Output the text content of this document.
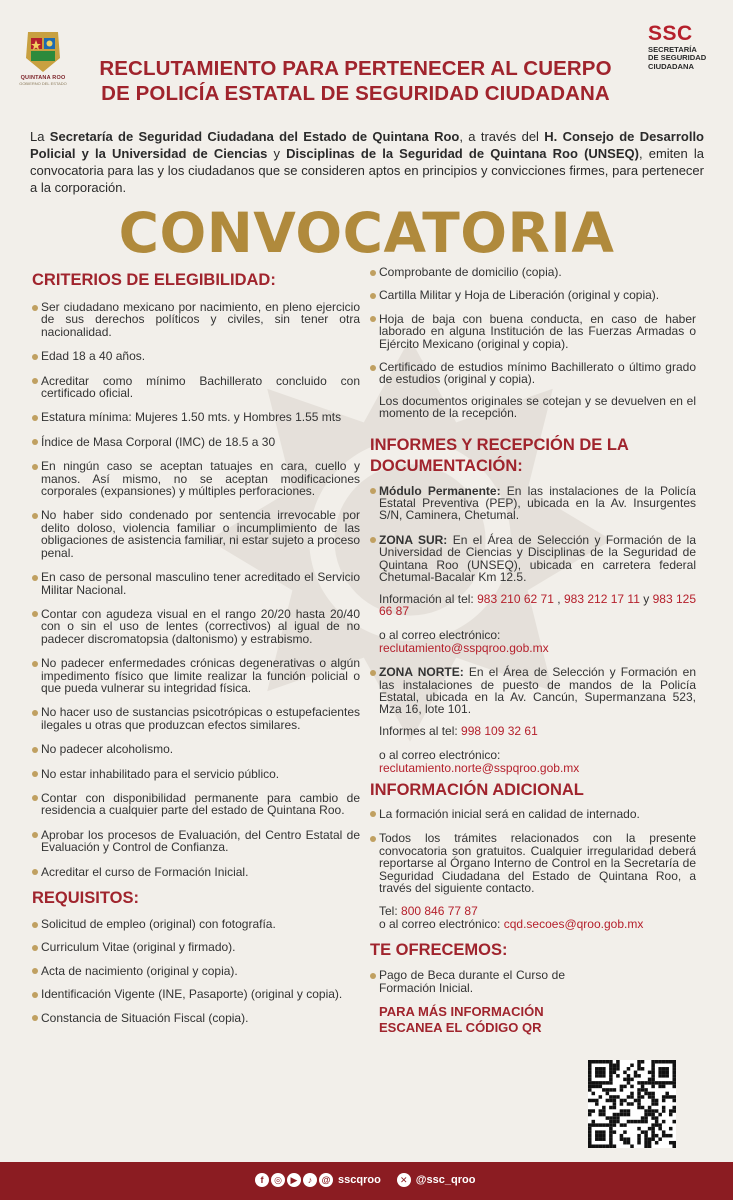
QUINTANA ROO
GOBIERNO DEL ESTADO
RECLUTAMIENTO PARA PERTENECER AL CUERPO
DE POLICÍA ESTATAL DE SEGURIDAD CIUDADANA
SSC
SECRETARÍA
DE SEGURIDAD
CIUDADANA

La Secretaría de Seguridad Ciudadana del Estado de Quintana Roo, a través del H. Consejo de Desarrollo Policial y la Universidad de Ciencias y Disciplinas de la Seguridad de Quintana Roo (UNSEQ), emiten la convocatoria para las y los ciudadanos que se consideren aptos en principios y convicciones firmes, para pertenecer a la corporación.

CONVOCATORIA
CRITERIOS DE ELEGIBILIDAD:
Ser ciudadano mexicano por nacimiento, en pleno ejercicio de sus derechos políticos y civiles, sin tener otra nacionalidad.
Edad 18 a 40 años.
Acreditar como mínimo Bachillerato concluido con certificado oficial.
Estatura mínima: Mujeres 1.50 mts. y Hombres 1.55 mts
Índice de Masa Corporal (IMC) de 18.5 a 30
En ningún caso se aceptan tatuajes en cara, cuello y manos. Así mismo, no se aceptan modificaciones corporales (expansiones) y múltiples perforaciones.
No haber sido condenado por sentencia irrevocable por delito doloso, violencia familiar o incumplimiento de las obligaciones de asistencia familiar, ni estar sujeto a proceso penal.
En caso de personal masculino tener acreditado el Servicio Militar Nacional.
Contar con agudeza visual en el rango 20/20 hasta 20/40 con o sin el uso de lentes (correctivos) al igual de no padecer discromatopsia (daltonismo) y estrabismo.
No padecer enfermedades crónicas degenerativas o algún impedimento físico que limite realizar la función policial o que pueda vulnerar su integridad física.
No hacer uso de sustancias psicotrópicas o estupefacientes ilegales u otras que produzcan efectos similares.
No padecer alcoholismo.
No estar inhabilitado para el servicio público.
Contar con disponibilidad permanente para cambio de residencia a cualquier parte del estado de Quintana Roo.
Aprobar los procesos de Evaluación, del Centro Estatal de Evaluación y Control de Confianza.
Acreditar el curso de Formación Inicial.
REQUISITOS:
Solicitud de empleo (original) con fotografía.
Curriculum Vitae (original y firmado).
Acta de nacimiento (original y copia).
Identificación Vigente (INE, Pasaporte) (original y copia).
Constancia de Situación Fiscal (copia).
Comprobante de domicilio (copia).
Cartilla Militar y Hoja de Liberación (original y copia).
Hoja de baja con buena conducta, en caso de haber laborado en alguna Institución de las Fuerzas Armadas o Ejército Mexicano (original y copia).
Certificado de estudios mínimo Bachillerato o último grado de estudios (original y copia).

Los documentos originales se cotejan y se devuelven en el momento de la recepción.

INFORMES Y RECEPCIÓN DE LA DOCUMENTACIÓN:
Módulo Permanente: En las instalaciones de la Policía Estatal Preventiva (PEP), ubicada en la Av. Insurgentes S/N, Caminera, Chetumal.
ZONA SUR: En el Área de Selección y Formación de la Universidad de Ciencias y Disciplinas de la Seguridad de Quintana Roo (UNSEQ), ubicada en carretera federal Chetumal-Bacalar Km 12.5.

Información al tel: 983 210 62 71 , 983 212 17 11 y 983 125 66 87

o al correo electrónico:
reclutamiento@sspqroo.gob.mx

ZONA NORTE: En el Área de Selección y Formación en las instalaciones de puesto de mandos de la Policía Estatal, ubicada en la Av. Cancún, Supermanzana 523, Mza 16, lote 101.

Informes al tel: 998 109 32 61

o al correo electrónico:
reclutamiento.norte@sspqroo.gob.mx

INFORMACIÓN ADICIONAL
La formación inicial será en calidad de internado.
Todos los trámites relacionados con la presente convocatoria son gratuitos. Cualquier irregularidad deberá reportarse al Órgano Interno de Control en la Secretaría de Seguridad Ciudadana del Estado de Quintana Roo, a través del siguiente contacto.

Tel: 800 846 77 87
o al correo electrónico: cqd.secoes@qroo.gob.mx

TE OFRECEMOS:
Pago de Beca durante el Curso de Formación Inicial.
PARA MÁS INFORMACIÓN
ESCANEA EL CÓDIGO QR
f ◎ ▶ ♪ @ sscqroo ✕ @ssc_qroo
